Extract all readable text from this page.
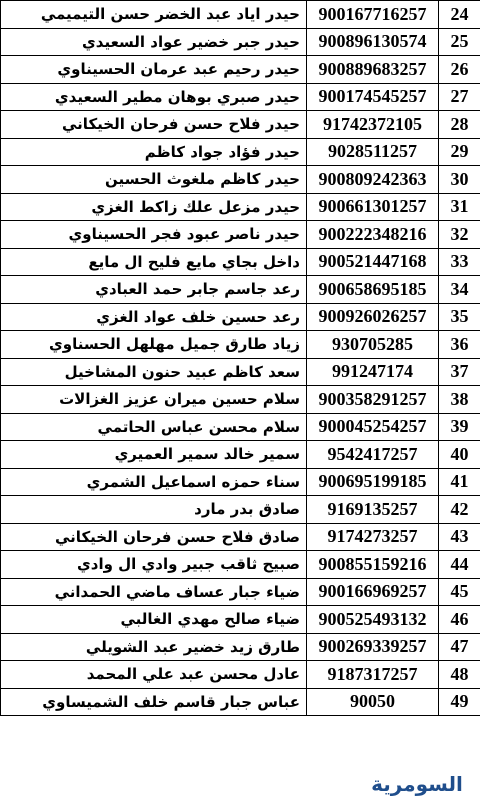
حيدر اياد عبد الخضر حسن التيميمي	900167716257	24
حيدر جبر خضير عواد السعيدي	900896130574	25
حيدر رحيم عبد عرمان الحسيناوي	900889683257	26
حيدر صبري بوهان مطير السعيدي	900174545257	27
حيدر فلاح حسن فرحان الخيكاني	91742372105	28
حيدر فؤاد جواد كاظم	9028511257	29
حيدر كاظم ملغوث الحسين	900809242363	30
حيدر مزعل علك زاكط الغزي	900661301257	31
حيدر ناصر عبود فجر الحسيناوي	900222348216	32
داخل بجاي مايع فليح ال مايع	900521447168	33
رعد جاسم جابر حمد العبادي	900658695185	34
رعد حسين خلف عواد الغزي	900926026257	35
زياد طارق جميل مهلهل الحسناوي	930705285	36
سعد كاظم عبيد حنون المشاخيل	991247174	37
سلام حسين ميران عزيز الغزالات	900358291257	38
سلام محسن عباس الحاتمي	900045254257	39
سمير خالد سمير العميري	9542417257	40
سناء حمزه اسماعيل الشمري	900695199185	41
صادق بدر مارد	9169135257	42
صادق فلاح حسن فرحان الخيكاني	9174273257	43
صبيح ثاقب جبير وادي ال وادي	900855159216	44
ضياء جبار عساف ماضي الحمداني	900166969257	45
ضياء صالح مهدي الغالبي	900525493132	46
طارق زيد خضير عبد الشويلي	900269339257	47
عادل محسن عبد علي المحمد	9187317257	48
عباس جبار قاسم خلف الشميساوي	90050	49
السومرية
